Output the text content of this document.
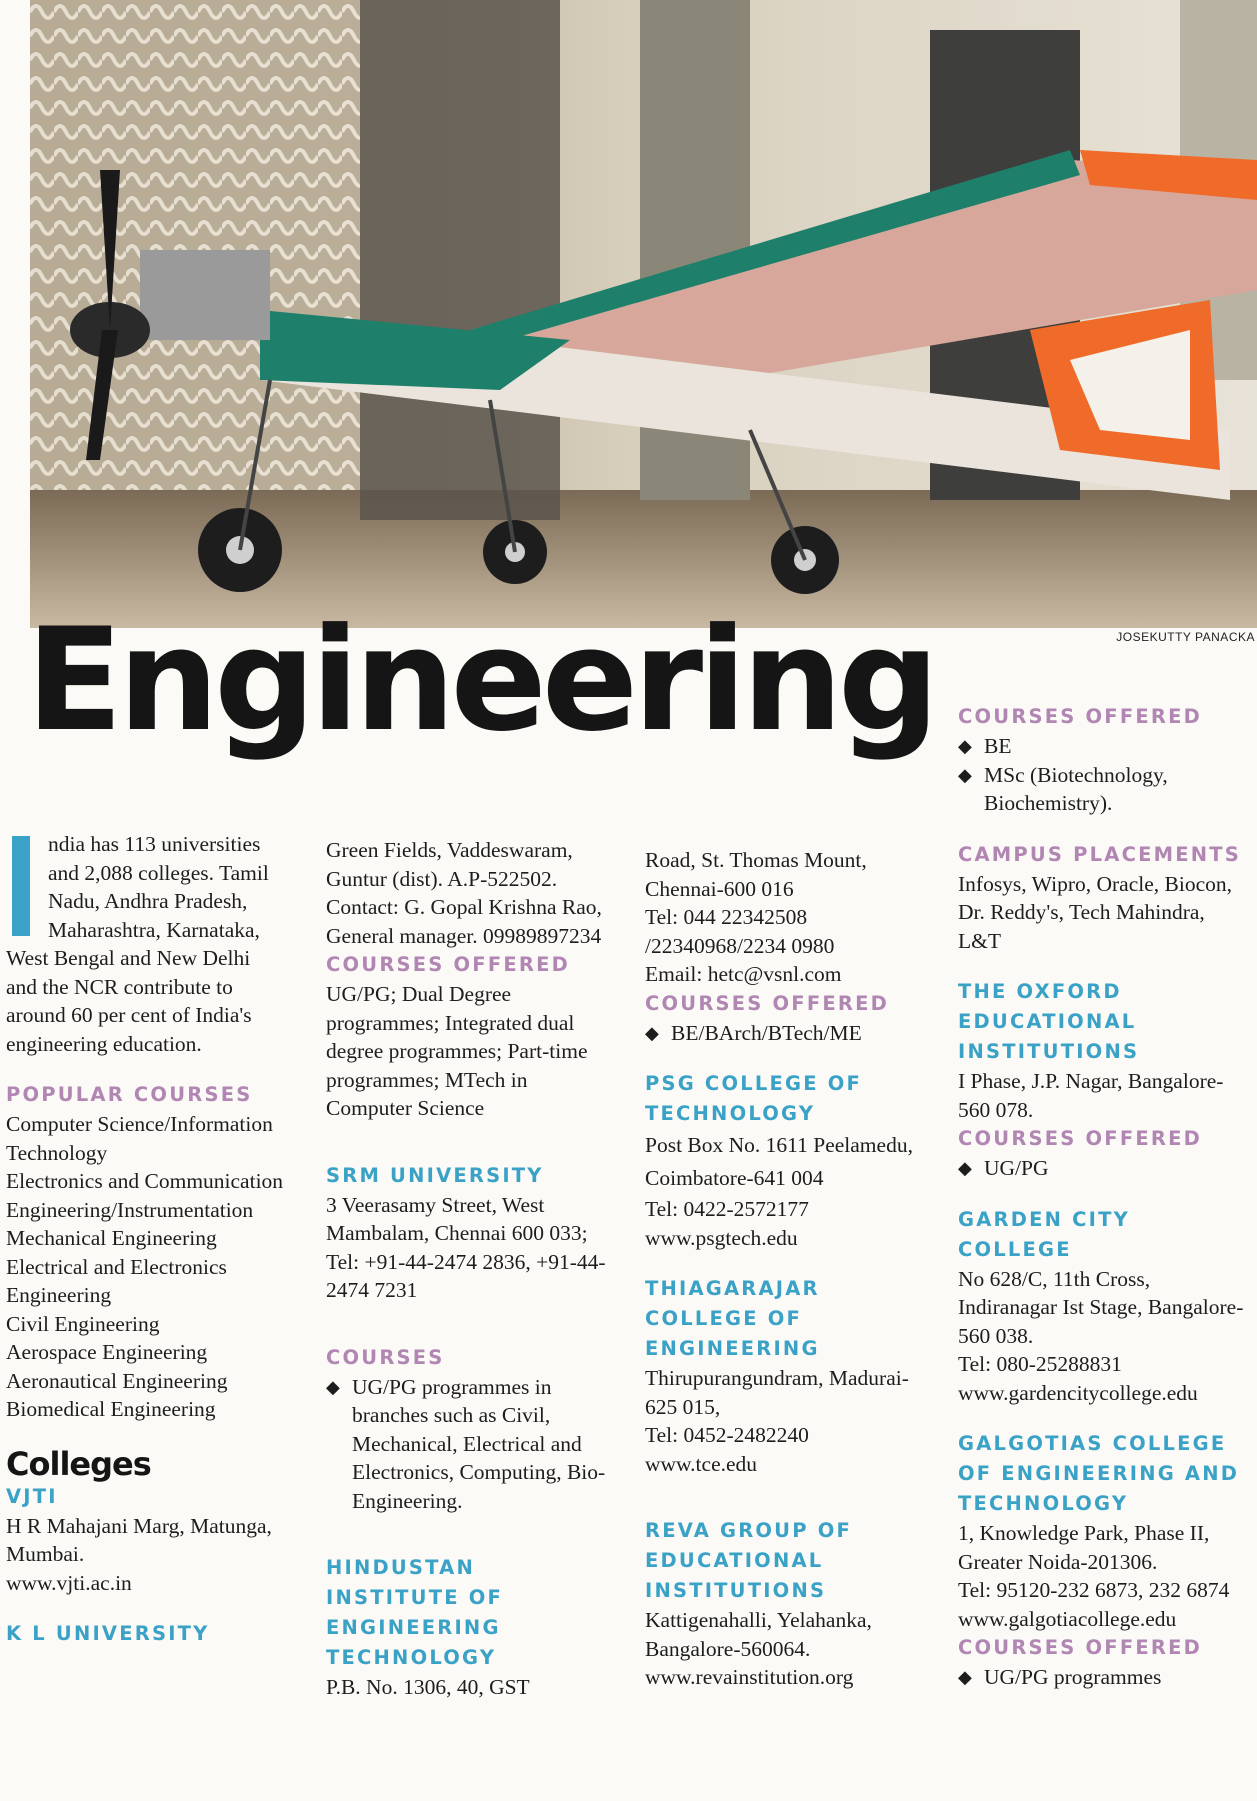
JOSEKUTTY PANACKA
Engineering

ndia has 113 universities and 2,088 colleges. Tamil Nadu, Andhra Pradesh, Maharashtra, Karnataka, West Bengal and New Delhi and the NCR contribute to around 60 per cent of India's engineering education.

POPULAR COURSES

Computer Science/Information Technology

Electronics and Communication Engineering/Instrumentation

Mechanical Engineering

Electrical and Electronics Engineering

Civil Engineering

Aerospace Engineering

Aeronautical Engineering

Biomedical Engineering

Colleges

VJTI

H R Mahajani Marg, Matunga, Mumbai.

www.vjti.ac.in

K L UNIVERSITY

Green Fields, Vaddeswaram, Guntur (dist). A.P-522502. Contact: G. Gopal Krishna Rao, General manager. 09989897234

COURSES OFFERED

UG/PG; Dual Degree programmes; Integrated dual degree programmes; Part-time programmes; MTech in Computer Science

SRM UNIVERSITY

3 Veerasamy Street, West Mambalam, Chennai 600 033; Tel: +91-44-2474 2836, +91-44-2474 7231

COURSES

◆ UG/PG programmes in branches such as Civil, Mechanical, Electrical and Electronics, Computing, Bio-Engineering.

HINDUSTAN INSTITUTE OF ENGINEERING TECHNOLOGY

P.B. No. 1306, 40, GST

Road, St. Thomas Mount, Chennai-600 016

Tel: 044 22342508 /22340968/2234 0980

Email: hetc@vsnl.com

COURSES OFFERED

◆ BE/BArch/BTech/ME

PSG COLLEGE OF TECHNOLOGY

Post Box No. 1611 Peelamedu, Coimbatore-641 004

Tel: 0422-2572177

www.psgtech.edu

THIAGARAJAR COLLEGE OF ENGINEERING

Thirupurangundram, Madurai-625 015,

Tel: 0452-2482240

www.tce.edu

REVA GROUP OF EDUCATIONAL INSTITUTIONS

Kattigenahalli, Yelahanka, Bangalore-560064.

www.revainstitution.org

COURSES OFFERED

◆ BE

◆ MSc (Biotechnology, Biochemistry).

CAMPUS PLACEMENTS

Infosys, Wipro, Oracle, Biocon, Dr. Reddy's, Tech Mahindra, L&T

THE OXFORD EDUCATIONAL INSTITUTIONS

I Phase, J.P. Nagar, Bangalore-560 078.

COURSES OFFERED

◆ UG/PG

GARDEN CITY COLLEGE

No 628/C, 11th Cross, Indiranagar Ist Stage, Bangalore-560 038.

Tel: 080-25288831

www.gardencitycollege.edu

GALGOTIAS COLLEGE OF ENGINEERING AND TECHNOLOGY

1, Knowledge Park, Phase II, Greater Noida-201306.

Tel: 95120-232 6873, 232 6874

www.galgotiacollege.edu

COURSES OFFERED

◆ UG/PG programmes
